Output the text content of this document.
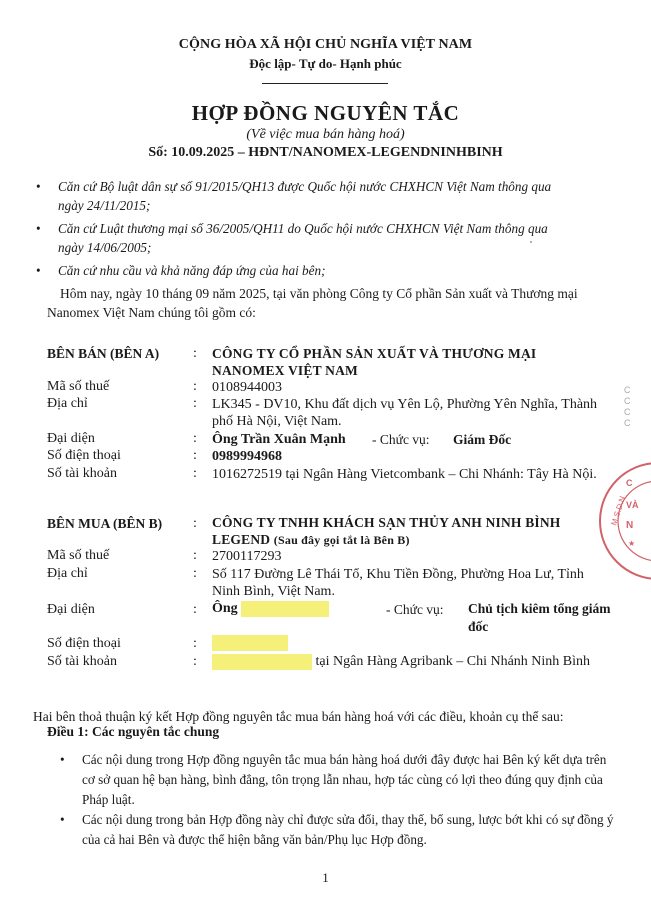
CỘNG HÒA XÃ HỘI CHỦ NGHĨA VIỆT NAM
Độc lập- Tự do- Hạnh phúc
HỢP ĐỒNG NGUYÊN TẮC
(Về việc mua bán hàng hoá)
Số: 10.09.2025 – HĐNT/NANOMEX-LEGENDNINHBINH
• Căn cứ Bộ luật dân sự số 91/2015/QH13 được Quốc hội nước CHXHCN Việt Nam thông qua
ngày 24/11/2015;
• Căn cứ Luật thương mại số 36/2005/QH11 do Quốc hội nước CHXHCN Việt Nam thông qua
ngày 14/06/2005;
• Căn cứ nhu cầu và khả năng đáp ứng của hai bên;
Hôm nay, ngày 10 tháng 09 năm 2025, tại văn phòng Công ty Cổ phần Sản xuất và Thương mại
Nanomex Việt Nam chúng tôi gồm có:
BÊN BÁN (BÊN A) : CÔNG TY CỔ PHẦN SẢN XUẤT VÀ THƯƠNG MẠI NANOMEX VIỆT NAM
Mã số thuế	: 0108944003
Địa chỉ	: LK345 - DV10, Khu đất dịch vụ Yên Lộ, Phường Yên Nghĩa, Thành phố Hà Nội, Việt Nam.
Đại diện	: Ông Trần Xuân Mạnh	- Chức vụ: Giám Đốc
Số điện thoại	: 0989994968
Số tài khoản	: 1016272519 tại Ngân Hàng Vietcombank – Chi Nhánh: Tây Hà Nội.
BÊN MUA (BÊN B) : CÔNG TY TNHH KHÁCH SẠN THỦY ANH NINH BÌNH LEGEND (Sau đây gọi tắt là Bên B)
Mã số thuế	: 2700117293
Địa chỉ	: Số 117 Đường Lê Thái Tổ, Khu Tiền Đồng, Phường Hoa Lư, Tỉnh Ninh Bình, Việt Nam.
Đại diện	: Ông	- Chức vụ: Chủ tịch kiêm tổng giám đốc
Số điện thoại	:
Số tài khoản	:	tại Ngân Hàng Agribank – Chi Nhánh Ninh Bình
Hai bên thoả thuận ký kết Hợp đồng nguyên tắc mua bán hàng hoá với các điều, khoản cụ thể sau:
Điều 1: Các nguyên tắc chung
• Các nội dung trong Hợp đồng nguyên tắc mua bán hàng hoá dưới đây được hai Bên ký kết dựa trên cơ sở quan hệ bạn hàng, bình đẳng, tôn trọng lẫn nhau, hợp tác cùng có lợi theo đúng quy định của Pháp luật.
• Các nội dung trong bản Hợp đồng này chỉ được sửa đổi, thay thế, bổ sung, lược bớt khi có sự đồng ý của cả hai Bên và được thể hiện bằng văn bản/Phụ lục Hợp đồng.
1
M.S.D.N
C
VÀ
N
★
C
C
C
C
